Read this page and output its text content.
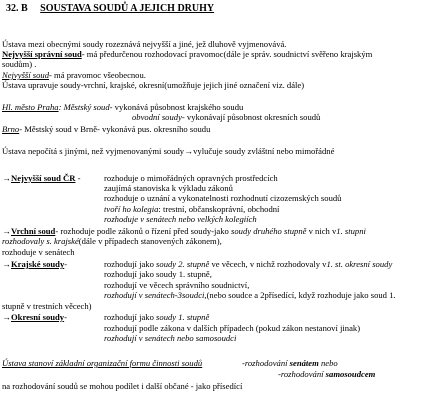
32. B SOUSTAVA SOUDŮ A JEJICH DRUHY
Ústava mezi obecnými soudy rozeznává nejvyšší a jiné, jež dluhově vyjmenovává.
Nejvyšší správní soud- má předurčenou rozhodovací pravomoc(dále je správ. soudnictví svěřeno krajským
soudům) .
Nejvyšší soud- má pravomoc všeobecnou.
Ústava upravuje soudy-vrchní, krajské, okresní(umožňuje jejich jiné označení viz. dále)
Hl. město Praha: Městský soud- vykonává působnost krajského soudu
obvodní soudy- vykonávají působnost okresních soudů
Brno- Městský soud v Brně- vykonává pus. okresního soudu
Ústava nepočítá s jinými, než vyjmenovanými soudy→vylučuje soudy zvláštní nebo mimořádné
→Nejvyšší soud ČR -	rozhoduje o mimořádných opravných prostředcích
zaujímá stanoviska k výkladu zákonů
rozhoduje o uznání a vykonatelnosti rozhodnutí cizozemských soudů
tvoří ho kolegia: trestní, občanskoprávní, obchodní
rozhoduje v senátech nebo velkých kolegiích
→Vrchní soud- rozhoduje podle zákonů o řízení před soudy-jako soudy druhého stupně v nich v1. stupni
rozhodovaly s. krajské(dále v případech stanovených zákonem),
rozhoduje v senátech
→Krajské soudy-	rozhodují jako soudy 2. stupně ve věcech, v nichž rozhodovaly v1. st. okresní soudy
rozhodují jako soudy 1. stupně,
rozhodují ve věcech správního soudnictví,
rozhodují v senátech-3soudci,(nebo soudce a 2přísedící, když rozhoduje jako soud 1.
stupně v trestních věcech)
→Okresní soudy-	rozhodují jako soudy 1. stupně
rozhodují podle zákona v dalších případech (pokud zákon nestanoví jinak)
rozhodují v senátech nebo samosoudci
Ústava stanoví základní organizační formu činnosti soudů	-rozhodování senátem nebo
-rozhodování samosoudcem
na rozhodování soudů se mohou podílet i další občané - jako přísedící
